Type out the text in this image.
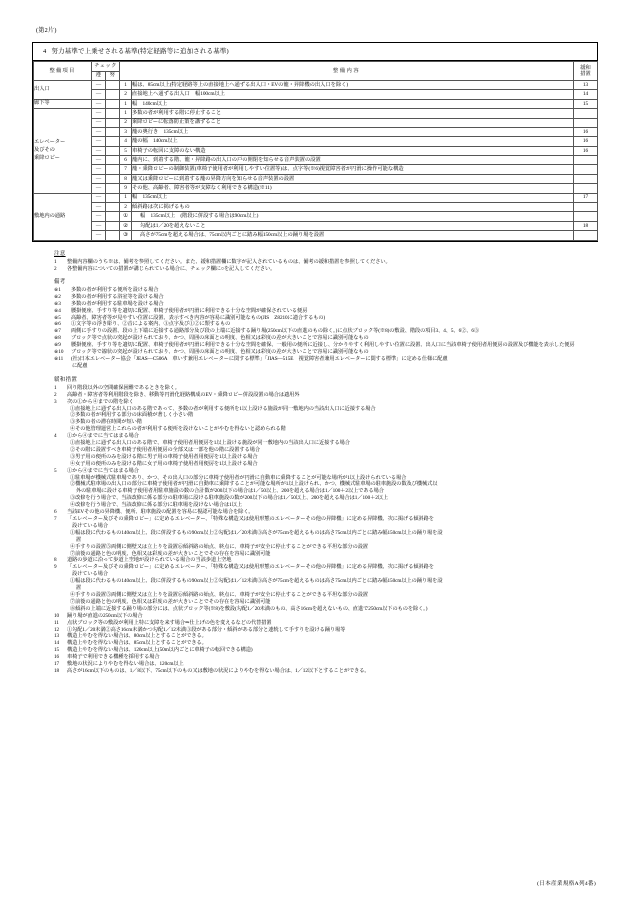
(第2片)
4 努力基準で上乗せされる基準(特定経路等に追加される基準)
整備項目	チェック		整備内容		緩和
措置
	遵	努			

出入口	―		1	幅は、85cm以上(特定経路等上の直接地上へ通ずる出入口・EVの籠・昇降機の出入口を除く)	13
	―		2	直接地上へ通ずる出入口　幅100cm以上	14

廊下等	―		1	幅　140cm以上	15

エレベーター
及びその
乗降ロビー	―		1	多数の者が利用する階に停止すること	
	―		2	乗降ロビーに転落防止策を講ずること	
	―		3	籠の奥行き　135cm以上	16
	―		4	籠の幅　140cm以上	16
	―		5	車椅子の転回に支障のない構造	16
	―		6	籠内に、到着する階、籠・昇降路の出入口の戸の開閉を知らせる音声装置の設置	
	―		7	籠・乗降ロビーの制御装置(車椅子使用者が利用しやすい位置等)は、点字等(※6)視覚障害者が円滑に操作可能な構造	
	―		8	籠又は乗降ロビーに到着する籠の昇降方向を知らせる音声装置の設置	
	―		9	その他、高齢者、障害者等が支障なく利用できる構造(※11)	

敷地内の通路	―		1	幅　135cm以上	17
	―		2	傾斜路は次に掲げるもの	
	―		①	幅　135cm以上　(階段に併設する場合は90cm以上)	
	―		②	勾配は1／20を超えないこと	18
	―		③	高さが75cmを超える場合は、75cm以内ごとに踏み幅150cm以上の踊り場を設置	
注意
1	整備内容欄のうち※は、備考を参照してください。また、緩和措置欄に数字が記入されているものは、備考の緩和措置を参照してください。
2	各整備内容についての措置が講じられている場合に、チェック欄に○を記入してください。
備考
※1	多数の者が利用する便所を設ける場合
※2	多数の者が利用する浴室等を設ける場合
※3	多数の者が利用する駐車場を設ける場合
※4	腰掛便座、手すり等を適切に配置、車椅子使用者が円滑に利用できる十分な空間が確保されている便房
※5	高齢者、障害者等が見やすい位置に設置、表示すべき内容が容易に識別可能なもの(JIS　Z8210に適合するもの)
※6	①文字等の浮き彫り、②音による案内、③点字及び①②に類するもの
※7	両側に手すりの設置、段の上下端に近接する通路部分及び段の上端に近接する踊り場(250cm以下の直進のもの除く。)に点状ブロック等(※8)の敷設、階段の項目3、4、5、6②、6③
※8	ブロック等で点状の突起が設けられており、かつ、周囲の床面との明度、色相又は彩度の差が大きいことで容易に識別可能なもの
※9	腰掛便座、手すり等を適切に配置、車椅子使用者が円滑に利用できる十分な空間を確保、一般用の便所に近接し、分かりやすく利用しやすい位置に設置、出入口に当該車椅子使用者用便房の設置及び機能を表示した便房
※10	ブロック等で線状の突起が設けられており、かつ、周囲の床面との明度、色相又は彩度の差が大きいことで容易に識別可能なもの
※11	(社)日本エレベーター協会「JEAS―C506A　車いす兼用エレベーターに関する標準」「JIAS―515E　視覚障害者兼用エレベーターに関する標準」に定める仕様に配慮
に配慮
緩和措置
1	回り階段以外の空間確保困難であるときを除く。
2	高齢者・障害者等利用階段を除き、移動等円滑化経路構成のEV・乗降ロビー併設設置の場合は適用外
3	次の①から④までの階を除く
①直接地上に通ずる出入口のある階であって、多数の者が利用する便所を1以上設ける施設が同一敷地内の当該出入口に近接する場合
②多数の者が利用する部分の床面積が著しく小さい階
③多数の者の滞在時間が短い階
④その他管理運営上これらの者が利用する便所を設けないことがやむを得ないと認められる階
4	①から④までに当てはまる場合
①直接地上に通ずる出入口のある階で、車椅子使用者用便房を1以上設ける施設が同一敷地内の当該出入口に近接する場合
②その階に設置すべき車椅子使用者用便房の全部又は一部を他の階に設置する場合
③男子用の便所のみを設ける階に男子用の車椅子使用者用便房を1以上設ける場合
④女子用の便所のみを設ける階に女子用の車椅子使用者用便房を1以上設ける場合
5	①から④までに当てはまる場合
①駐車場が機械式駐車場であり、かつ、その出入口の部分に車椅子使用者が円滑に自動車に乗降することが可能な場所が1以上設けられている場合
②機械式駐車場の出入口の部分に車椅子使用者が円滑に自動車に乗降することが可能な場所が1以上設けられ、かつ、機械式駐車場の駐車施設の数及び機械式以
外の駐車場に設ける車椅子使用者用駐車施設の数の合計数が200以下の場合は1／50以上、200を超える場合は1／100＋2以上である場合
③改修を行う場合で、当該改修に係る部分の駐車場に設ける駐車施設の数が200以下の場合は1／50以上、200を超える場合は1／100＋2以上
④改修を行う場合で、当該改修に係る部分に駐車場を設けない場合は1以上
6	当該EVその他の昇降機、便所、駐車施設の配置を容易に視認可能な場合を除く。
7	「エレベーター及びその乗降ロビー」に定めるエレベーター、「特殊な構造又は使用形態のエレベーターその他の昇降機」に定める昇降機、次に掲げる傾斜路を
設けている場合
①幅は段に代わるもの140cm以上、段に併設するもの90cm以上②勾配は1／20未満③高さが75cmを超えるものは高さ75cm以内ごとに踏み幅150cm以上の踊り場を設
置
④手すりの設置⑤両側に側壁又は立上りを設置⑥傾斜路の始点、終点に、車椅子が安全に停止することができる平坦な部分の設置
⑦前後の通路と色の明度、色相又は彩度の差が大きいことでその存在を容易に識別可能
8	道路の歩道に沿って歩道上空地が設けられている場合の当該歩道上空地
9	「エレベーター及びその乗降ロビー」に定めるエレベーター、「特殊な構造又は使用形態のエレベーターその他の昇降機」に定める昇降機、次に掲げる傾斜路を
設けている場合
①幅は段に代わるもの140cm以上、段に併設するもの90cm以上②勾配は1／12未満③高さが75cmを超えるものは高さ75cm以内ごとに踏み幅150cm以上の踊り場を設
置
④手すりの設置⑤両側に側壁又は立上りを設置⑥傾斜路の始点、終点に、車椅子が安全に停止することができる平坦な部分の設置
⑦前後の通路と色の明度、色相又は彩度の差が大きいことでその存在を容易に識別可能
⑧傾斜の上端に近接する踊り場の部分には、点状ブロック等(※8)を敷設(勾配1／20未満のもの、高さ16cmを超えないもの、直進で250cm以下のものを除く。)
10	踊り場が直進の250cm以下の場合
11	点状ブロック等の敷設が利用上特に支障を来す場合⇒仕上げの色を変えるなどの代替措置
12	①勾配1／20未満②高さ16cm未満かつ勾配1／12未満③段がある部分・傾斜がある部分と連続して手すりを設ける踊り場等
13	構造上やむを得ない場合は、80cm以上とすることができる。
14	構造上やむを得ない場合は、85cm以上とすることができる。
15	構造上やむを得ない場合は、120cm以上(50m以内ごとに車椅子の転回できる構造)
16	車椅子で利用できる機種を採用する場合
17	敷地の状況によりやむを得ない場合は、120cm以上
18	高さが16cm以下のものは、1／8以下、75cm以下のもの又は敷地の状況によりやむを得ない場合は、1／12以下とすることができる。
(日本産業規格A列4番)
